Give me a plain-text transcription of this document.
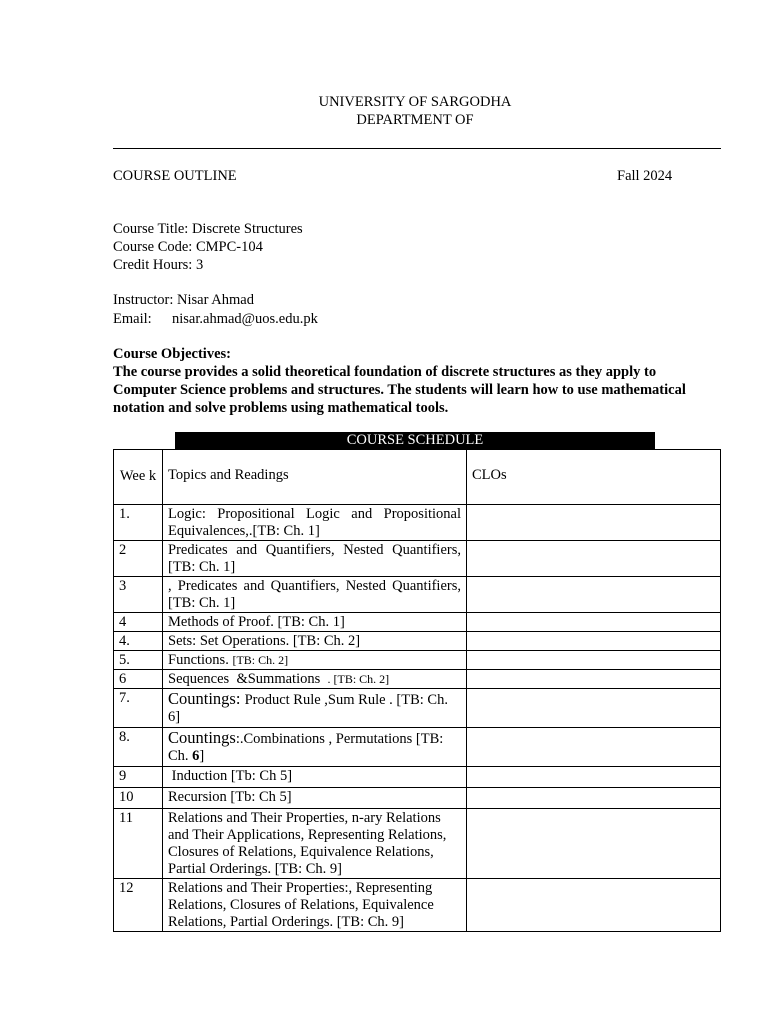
UNIVERSITY OF SARGODHA
DEPARTMENT OF
COURSE OUTLINE	Fall 2024
Course Title: Discrete Structures
Course Code: CMPC-104
Credit Hours: 3
Instructor: Nisar Ahmad
Email: nisar.ahmad@uos.edu.pk
Course Objectives:
The course provides a solid theoretical foundation of discrete structures as they apply to Computer Science problems and structures. The students will learn how to use mathematical notation and solve problems using mathematical tools.
COURSE SCHEDULE
Wee k	Topics and Readings	CLOs
1.	Logic: Propositional Logic and Propositional Equivalences,.[TB: Ch. 1]	
2	Predicates and Quantifiers, Nested Quantifiers, [TB: Ch. 1]	
3	, Predicates and Quantifiers, Nested Quantifiers, [TB: Ch. 1]	
4	Methods of Proof. [TB: Ch. 1]	
4.	Sets: Set Operations. [TB: Ch. 2]	
5.	Functions. [TB: Ch. 2]	
6	Sequences  &Summations  . [TB: Ch. 2]	
7.	Countings: Product Rule ,Sum Rule . [TB: Ch. 6]	
8.	Countings:.Combinations , Permutations [TB: Ch. 6]	
9	Induction [Tb: Ch 5]	
10	Recursion [Tb: Ch 5]	
11	Relations and Their Properties, n-ary Relations and Their Applications, Representing Relations, Closures of Relations, Equivalence Relations, Partial Orderings. [TB: Ch. 9]	
12	Relations and Their Properties:, Representing Relations, Closures of Relations, Equivalence Relations, Partial Orderings. [TB: Ch. 9]	
